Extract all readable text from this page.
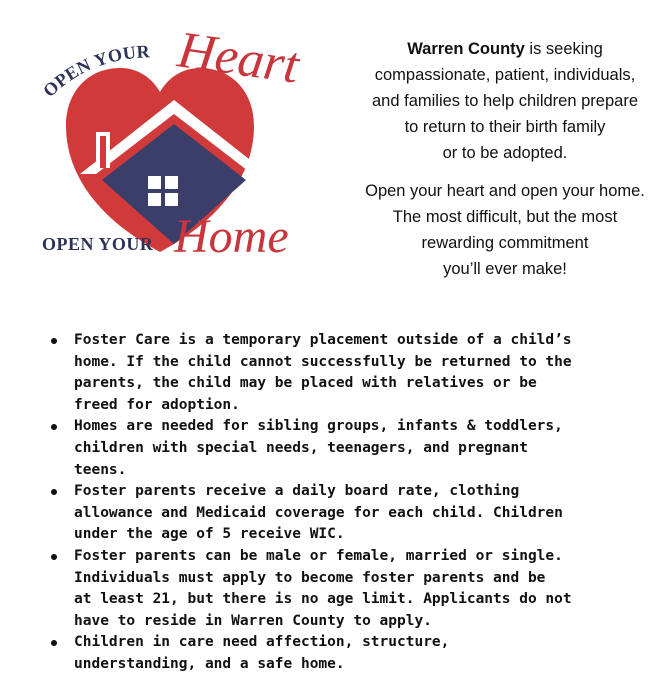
OPEN YOUR Heart
OPEN YOUR Home

Warren County is seeking
compassionate, patient, individuals,
and families to help children prepare
to return to their birth family
or to be adopted.

Open your heart and open your home.
The most difficult, but the most
rewarding commitment
you’ll ever make!

Foster Care is a temporary placement outside of a child’s
home. If the child cannot successfully be returned to the
parents, the child may be placed with relatives or be
freed for adoption.
Homes are needed for sibling groups, infants & toddlers,
children with special needs, teenagers, and pregnant
teens.
Foster parents receive a daily board rate, clothing
allowance and Medicaid coverage for each child. Children
under the age of 5 receive WIC.
Foster parents can be male or female, married or single.
Individuals must apply to become foster parents and be
at least 21, but there is no age limit. Applicants do not
have to reside in Warren County to apply.
Children in care need affection, structure,
understanding, and a safe home.
